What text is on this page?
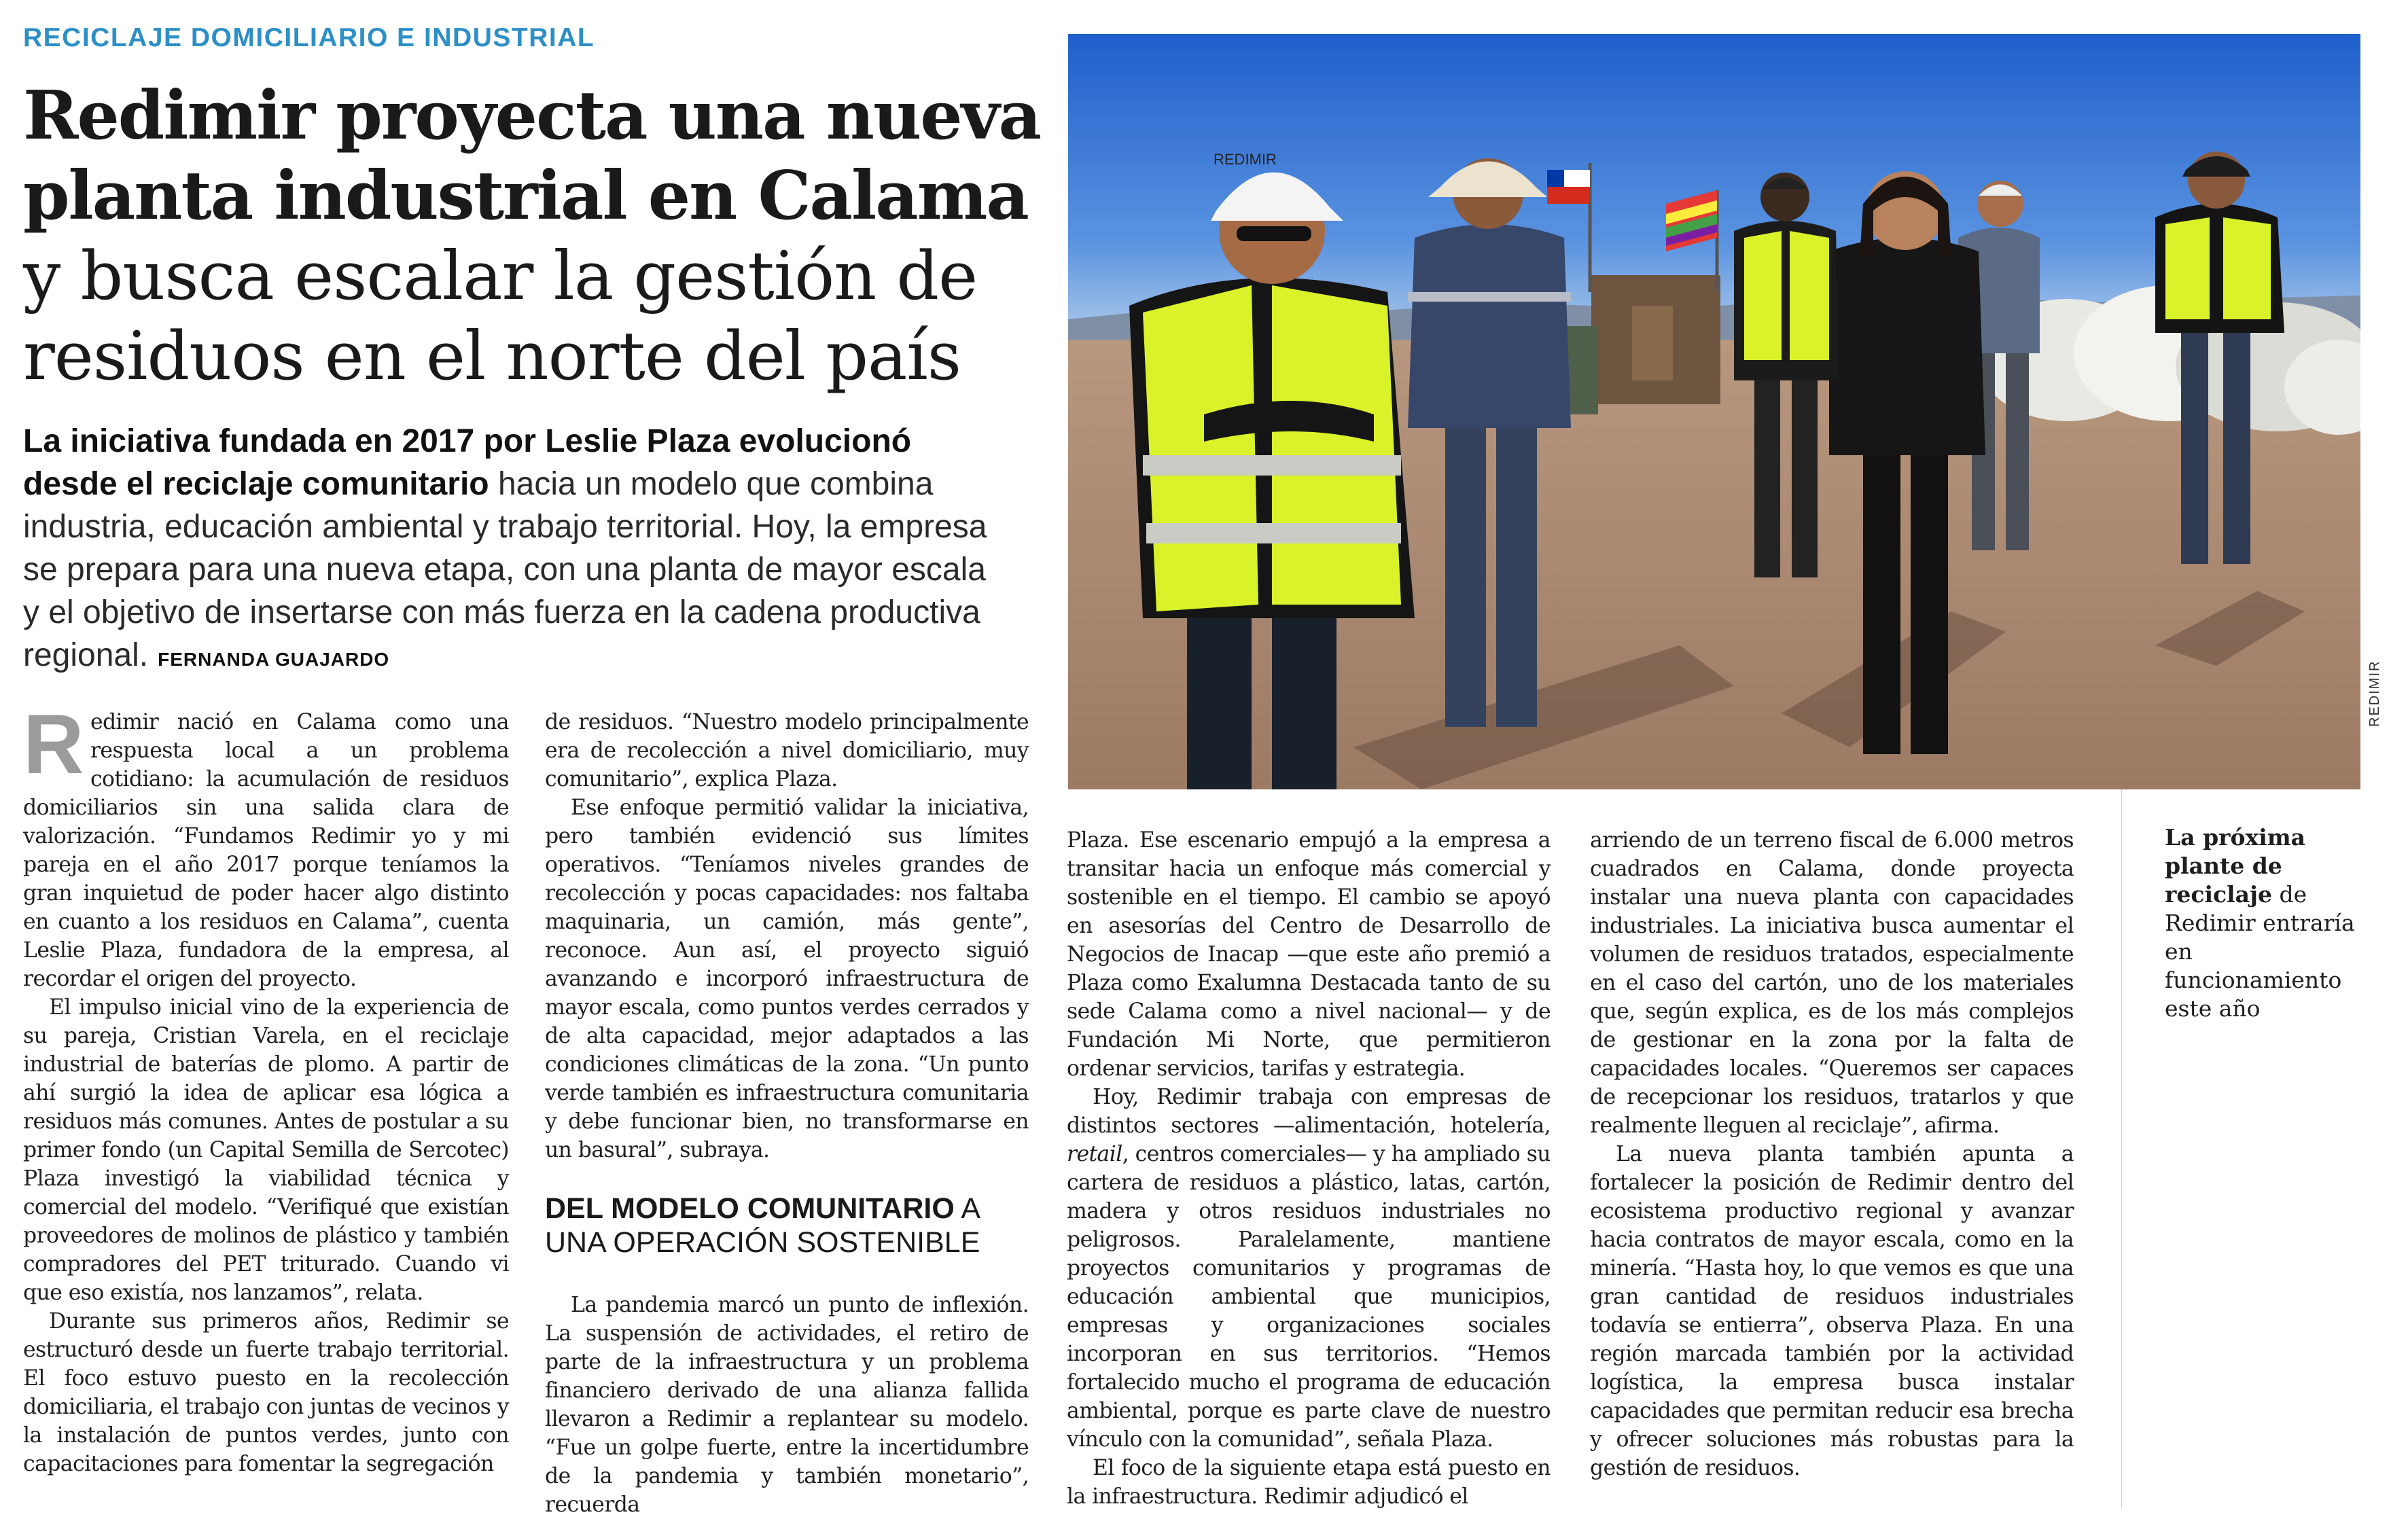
RECICLAJE DOMICILIARIO E INDUSTRIAL
Redimir proyecta una nueva
planta industrial en Calama
y busca escalar la gestión de
residuos en el norte del país

La iniciativa fundada en 2017 por Leslie Plaza evolucionó desde el reciclaje comunitario hacia un modelo que combina industria, educación ambiental y trabajo territorial. Hoy, la empresa se prepara para una nueva etapa, con una planta de mayor escala y el objetivo de insertarse con más fuerza en la cadena productiva regional. FERNANDA GUAJARDO

REDIMIR
REDIMIR

Redimir nació en Calama como una respuesta local a un problema cotidiano: la acumulación de residuos domiciliarios sin una salida clara de valorización. “Fundamos Redimir yo y mi pareja en el año 2017 porque teníamos la gran inquietud de poder hacer algo distinto en cuanto a los residuos en Calama”, cuenta Leslie Plaza, fundadora de la empresa, al recordar el origen del proyecto.

El impulso inicial vino de la experiencia de su pareja, Cristian Varela, en el reciclaje industrial de baterías de plomo. A partir de ahí surgió la idea de aplicar esa lógica a residuos más comunes. Antes de postular a su primer fondo (un Capital Semilla de Sercotec) Plaza investigó la viabilidad técnica y comercial del modelo. “Verifiqué que existían proveedores de molinos de plástico y también compradores del PET triturado. Cuando vi que eso existía, nos lanzamos”, relata.

Durante sus primeros años, Redimir se estructuró desde un fuerte trabajo territorial. El foco estuvo puesto en la recolección domiciliaria, el trabajo con juntas de vecinos y la instalación de puntos verdes, junto con capacitaciones para fomentar la segregación

de residuos. “Nuestro modelo principalmente era de recolección a nivel domiciliario, muy comunitario”, explica Plaza.

Ese enfoque permitió validar la iniciativa, pero también evidenció sus límites operativos. “Teníamos niveles grandes de recolección y pocas capacidades: nos faltaba maquinaria, un camión, más gente”, reconoce. Aun así, el proyecto siguió avanzando e incorporó infraestructura de mayor escala, como puntos verdes cerrados y de alta capacidad, mejor adaptados a las condiciones climáticas de la zona. “Un punto verde también es infraestructura comunitaria y debe funcionar bien, no transformarse en un basural”, subraya.

DEL MODELO COMUNITARIO A UNA OPERACIÓN SOSTENIBLE

La pandemia marcó un punto de inflexión. La suspensión de actividades, el retiro de parte de la infraestructura y un problema financiero derivado de una alianza fallida llevaron a Redimir a replantear su modelo. “Fue un golpe fuerte, entre la incertidumbre de la pandemia y también monetario”, recuerda

Plaza. Ese escenario empujó a la empresa a transitar hacia un enfoque más comercial y sostenible en el tiempo. El cambio se apoyó en asesorías del Centro de Desarrollo de Negocios de Inacap —que este año premió a Plaza como Exalumna Destacada tanto de su sede Calama como a nivel nacional— y de Fundación Mi Norte, que permitieron ordenar servicios, tarifas y estrategia.

Hoy, Redimir trabaja con empresas de distintos sectores —alimentación, hotelería, retail, centros comerciales— y ha ampliado su cartera de residuos a plástico, latas, cartón, madera y otros residuos industriales no peligrosos. Paralelamente, mantiene proyectos comunitarios y programas de educación ambiental que municipios, empresas y organizaciones sociales incorporan en sus territorios. “Hemos fortalecido mucho el programa de educación ambiental, porque es parte clave de nuestro vínculo con la comunidad”, señala Plaza.

El foco de la siguiente etapa está puesto en la infraestructura. Redimir adjudicó el

arriendo de un terreno fiscal de 6.000 metros cuadrados en Calama, donde proyecta instalar una nueva planta con capacidades industriales. La iniciativa busca aumentar el volumen de residuos tratados, especialmente en el caso del cartón, uno de los materiales que, según explica, es de los más complejos de gestionar en la zona por la falta de capacidades locales. “Queremos ser capaces de recepcionar los residuos, tratarlos y que realmente lleguen al reciclaje”, afirma.

La nueva planta también apunta a fortalecer la posición de Redimir dentro del ecosistema productivo regional y avanzar hacia contratos de mayor escala, como en la minería. “Hasta hoy, lo que vemos es que una gran cantidad de residuos industriales todavía se entierra”, observa Plaza. En una región marcada también por la actividad logística, la empresa busca instalar capacidades que permitan reducir esa brecha y ofrecer soluciones más robustas para la gestión de residuos.

La próxima plante de reciclaje de Redimir entraría en funcionamiento este año
